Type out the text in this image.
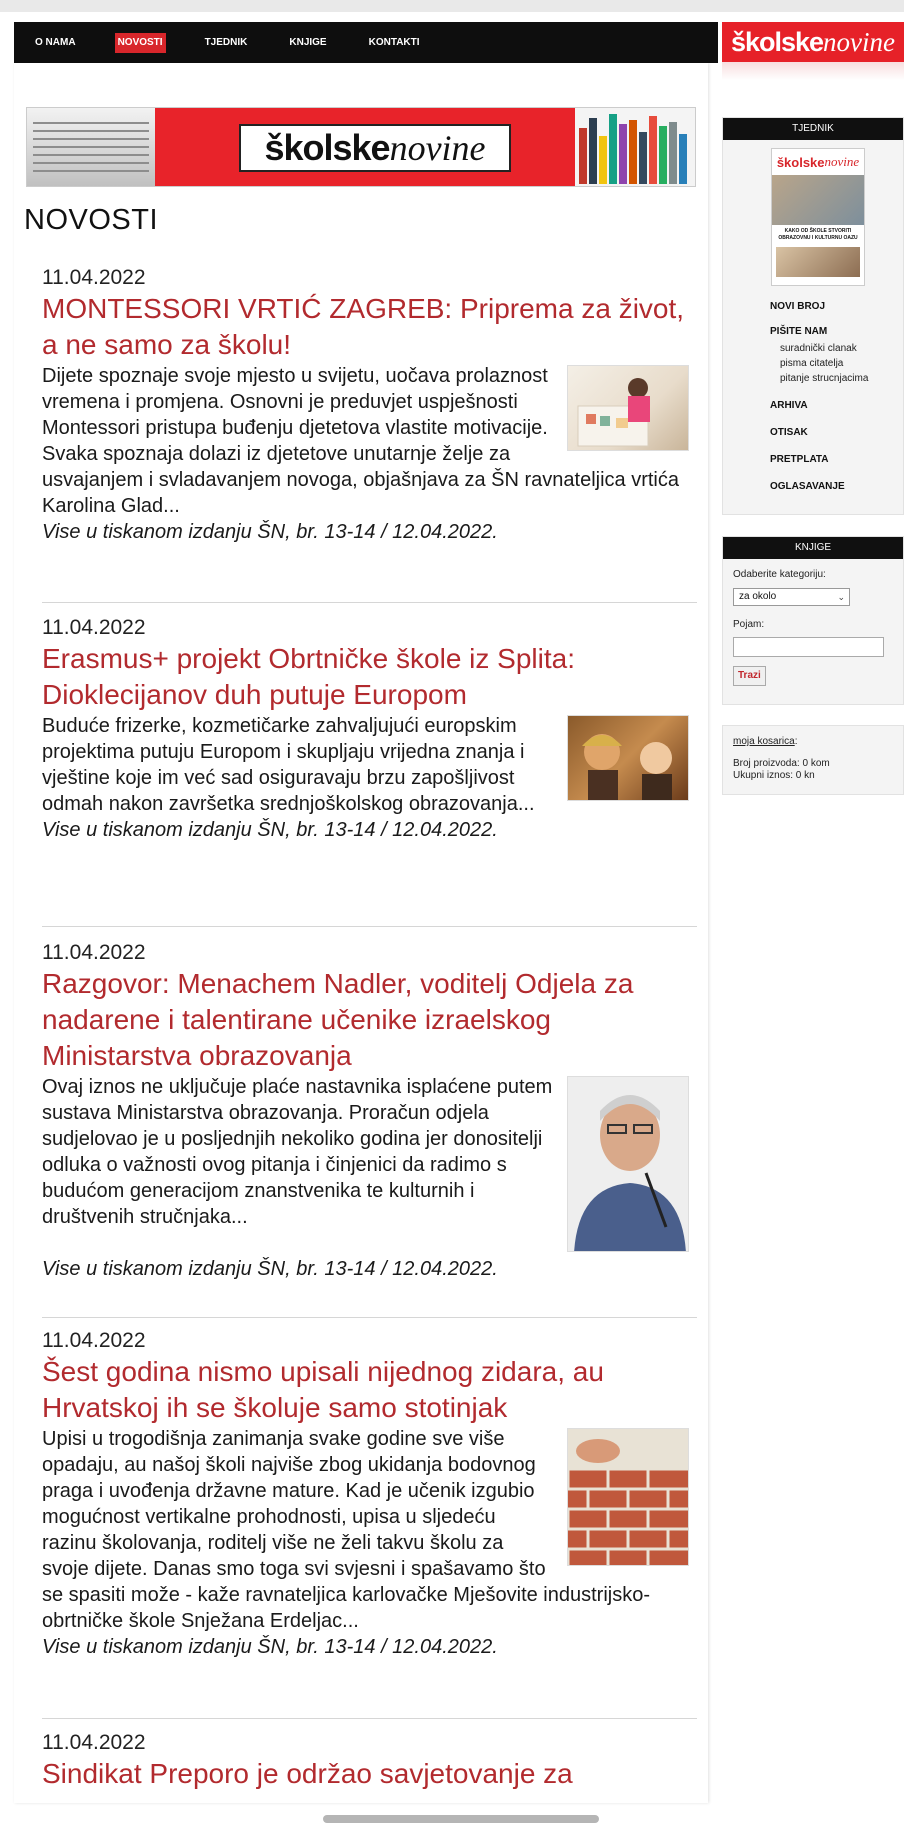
O NAMA	NOVOSTI	TJEDNIK	KNJIGE	KONTAKTI	školske novine
školske novine
NOVOSTI
11.04.2022
MONTESSORI VRTIĆ ZAGREB: Priprema za život, a ne samo za školu!
Dijete spoznaje svoje mjesto u svijetu, uočava prolaznost vremena i promjena. Osnovni je preduvjet uspješnosti Montessori pristupa buđenju djetetova vlastite motivacije. Svaka spoznaja dolazi iz djetetove unutarnje želje za usvajanjem i svladavanjem novoga, objašnjava za ŠN ravnateljica vrtića Karolina Glad...
Vise u tiskanom izdanju ŠN, br. 13-14 / 12.04.2022.
11.04.2022
Erasmus+ projekt Obrtničke škole iz Splita: Dioklecijanov duh putuje Europom
Buduće frizerke, kozmetičarke zahvaljujući europskim projektima putuju Europom i skupljaju vrijedna znanja i vještine koje im već sad osiguravaju brzu zapošljivost odmah nakon završetka srednjoškolskog obrazovanja...
Vise u tiskanom izdanju ŠN, br. 13-14 / 12.04.2022.
11.04.2022
Razgovor: Menachem Nadler, voditelj Odjela za nadarene i talentirane učenike izraelskog Ministarstva obrazovanja
Ovaj iznos ne uključuje plaće nastavnika isplaćene putem sustava Ministarstva obrazovanja. Proračun odjela sudjelovao je u posljednjih nekoliko godina jer donositelji odluka o važnosti ovog pitanja i činjenici da radimo s budućom generacijom znanstvenika te kulturnih i društvenih stručnjaka...
Vise u tiskanom izdanju ŠN, br. 13-14 / 12.04.2022.
11.04.2022
Šest godina nismo upisali nijednog zidara, au Hrvatskoj ih se školuje samo stotinjak
Upisi u trogodišnja zanimanja svake godine sve više opadaju, au našoj školi najviše zbog ukidanja bodovnog praga i uvođenja državne mature. Kad je učenik izgubio mogućnost vertikalne prohodnosti, upisa u sljedeću razinu školovanja, roditelj više ne želi takvu školu za svoje dijete. Danas smo toga svi svjesni i spašavamo što se spasiti može - kaže ravnateljica karlovačke Mješovite industrijsko-obrtničke škole Snježana Erdeljac...
Vise u tiskanom izdanju ŠN, br. 13-14 / 12.04.2022.
11.04.2022
Sindikat Preporo je održao savjetovanje za
TJEDNIK
školske novine
KAKO OD ŠKOLE STVORITI OBRAZOVNU I KULTURNU OAZU
NOVI BROJ
PIŠITE NAM
suradnički clanak
pisma citatelja
pitanje strucnjacima
ARHIVA
OTISAK
PRETPLATA
OGLASAVANJE
KNJIGE
Odaberite kategoriju:
za okolo	⌄
Pojam:
Trazi
moja kosarica:
Broj proizvoda: 0 kom
Ukupni iznos: 0 kn
